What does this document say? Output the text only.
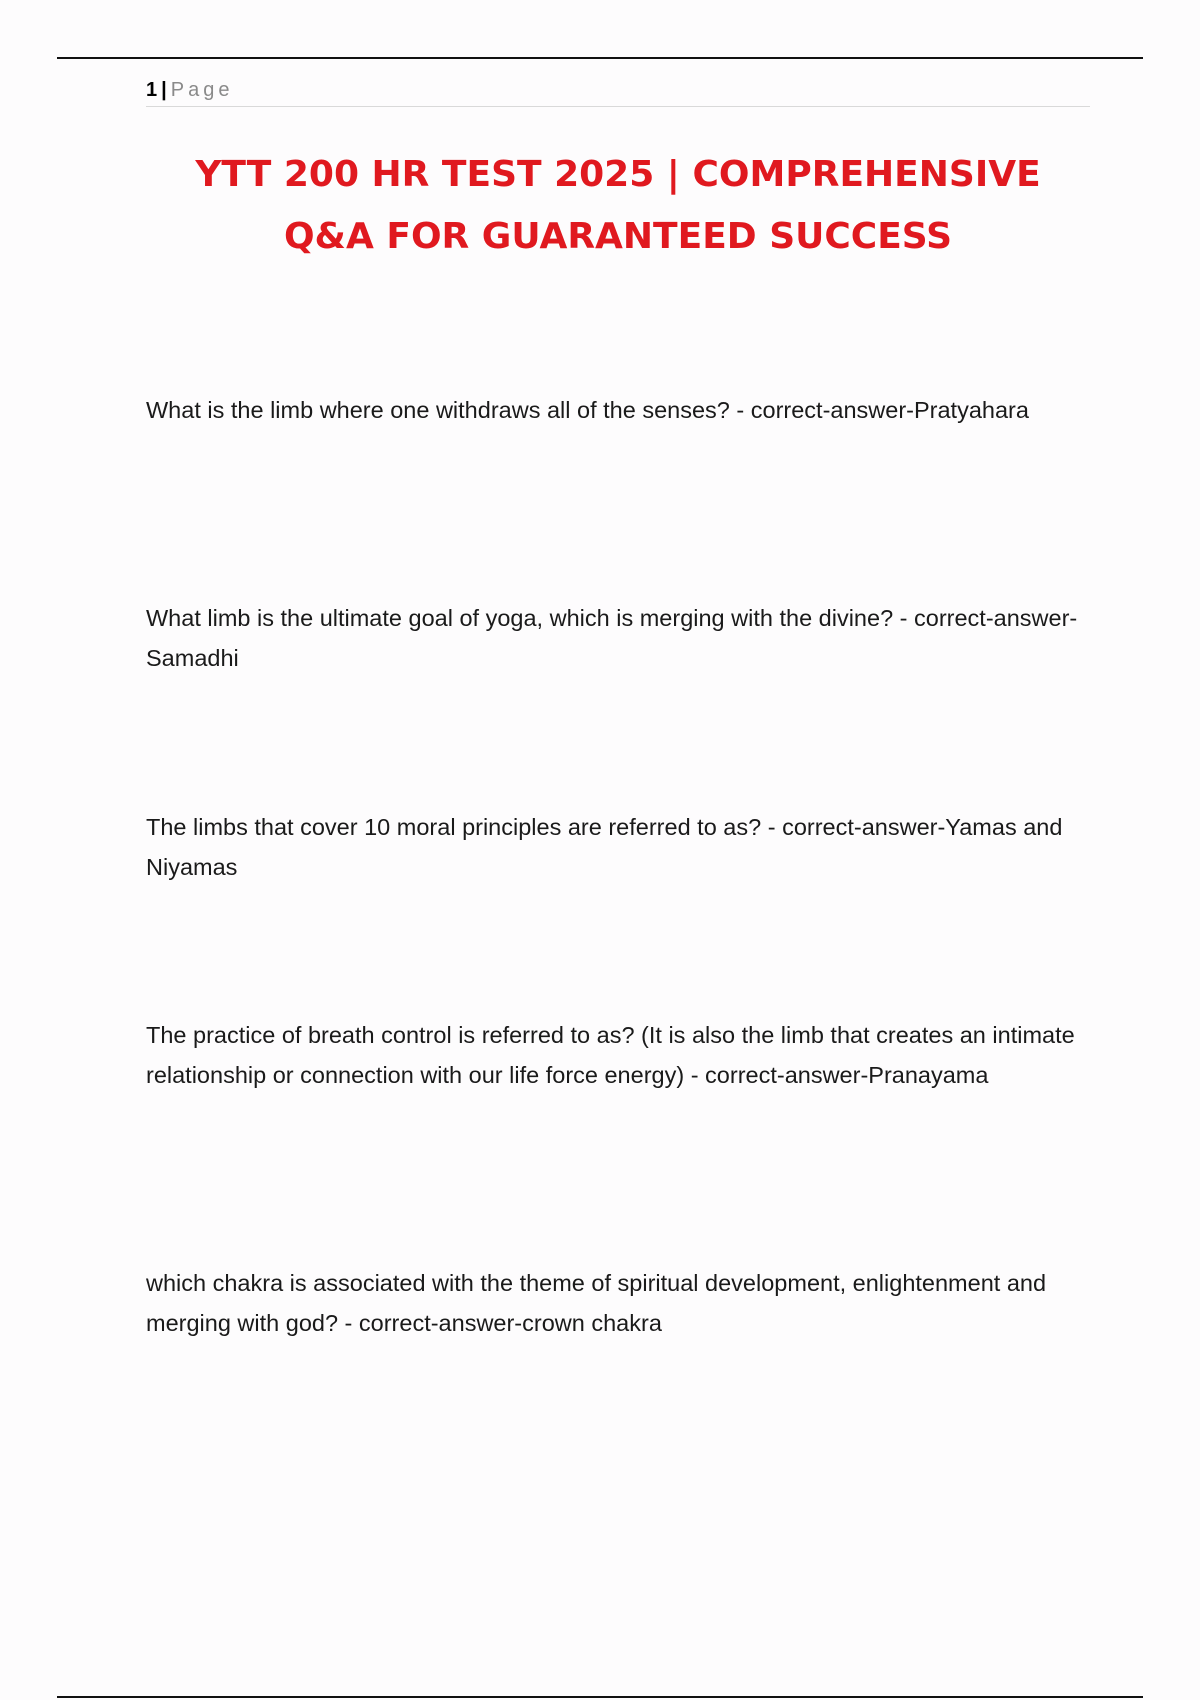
1 | Page
YTT 200 HR TEST 2025 | COMPREHENSIVE
Q&A FOR GUARANTEED SUCCESS

What is the limb where one withdraws all of the senses? - correct-answer-Pratyahara

What limb is the ultimate goal of yoga, which is merging with the divine? - correct-answer-Samadhi

The limbs that cover 10 moral principles are referred to as? - correct-answer-Yamas and Niyamas

The practice of breath control is referred to as? (It is also the limb that creates an intimate relationship or connection with our life force energy) - correct-answer-Pranayama

which chakra is associated with the theme of spiritual development, enlightenment and merging with god? - correct-answer-crown chakra
